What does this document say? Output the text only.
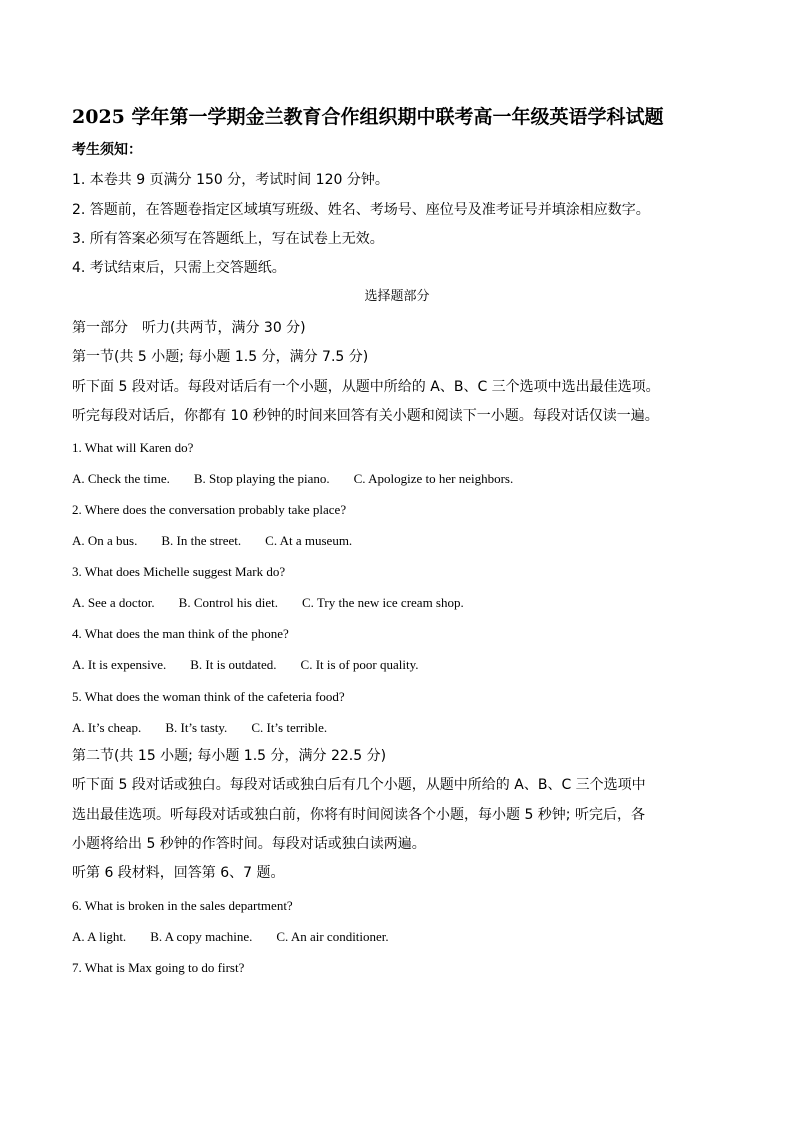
2025 学年第一学期金兰教育合作组织期中联考高一年级英语学科试题
考生须知：
1. 本卷共 9 页满分 150 分，考试时间 120 分钟。
2. 答题前，在答题卷指定区域填写班级、姓名、考场号、座位号及准考证号并填涂相应数字。
3. 所有答案必须写在答题纸上，写在试卷上无效。
4. 考试结束后，只需上交答题纸。
选择题部分
第一部分　听力(共两节，满分 30 分)
第一节(共 5 小题; 每小题 1.5 分，满分 7.5 分)
听下面 5 段对话。每段对话后有一个小题，从题中所给的 A、B、C 三个选项中选出最佳选项。
听完每段对话后，你都有 10 秒钟的时间来回答有关小题和阅读下一小题。每段对话仅读一遍。
1. What will Karen do?
A. Check the time. B. Stop playing the piano. C. Apologize to her neighbors.
2. Where does the conversation probably take place?
A. On a bus. B. In the street. C. At a museum.
3. What does Michelle suggest Mark do?
A. See a doctor. B. Control his diet. C. Try the new ice cream shop.
4. What does the man think of the phone?
A. It is expensive. B. It is outdated. C. It is of poor quality.
5. What does the woman think of the cafeteria food?
A. It’s cheap. B. It’s tasty. C. It’s terrible.
第二节(共 15 小题; 每小题 1.5 分，满分 22.5 分)
听下面 5 段对话或独白。每段对话或独白后有几个小题，从题中所给的 A、B、C 三个选项中
选出最佳选项。听每段对话或独白前，你将有时间阅读各个小题，每小题 5 秒钟; 听完后，各
小题将给出 5 秒钟的作答时间。每段对话或独白读两遍。
听第 6 段材料，回答第 6、7 题。
6. What is broken in the sales department?
A. A light. B. A copy machine. C. An air conditioner.
7. What is Max going to do first?
